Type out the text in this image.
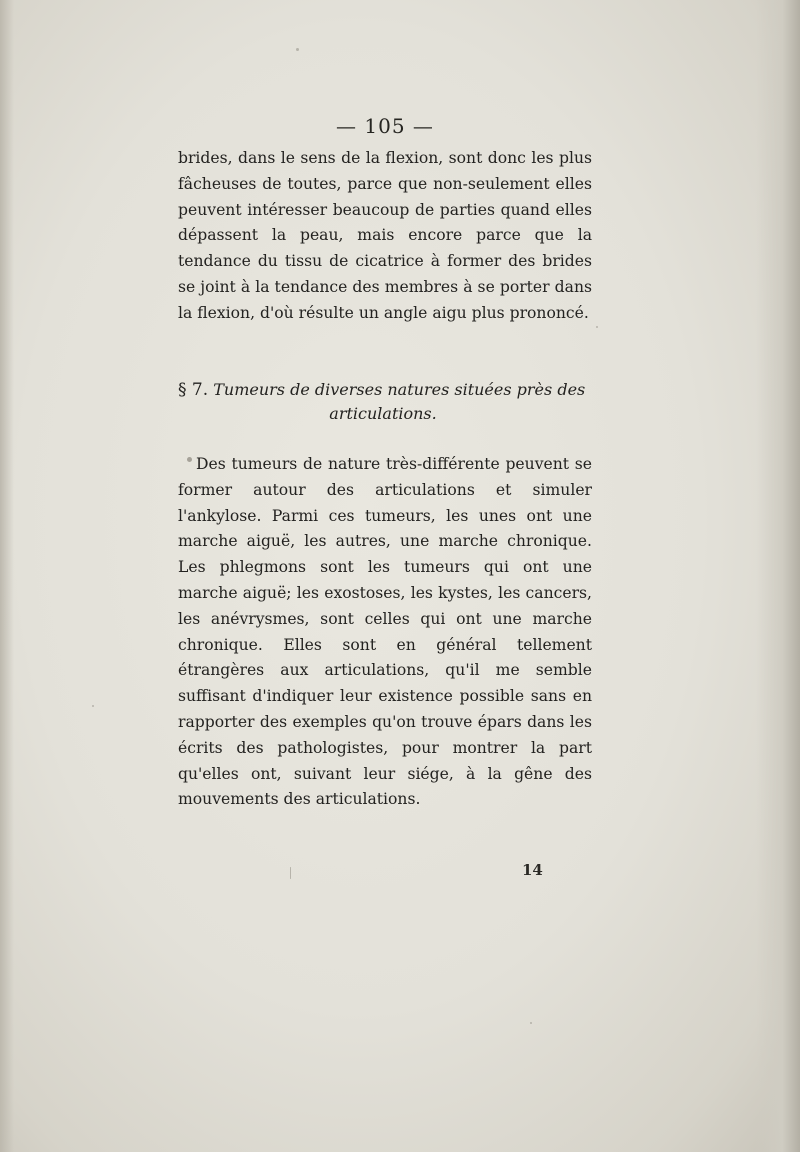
— 105 —
brides, dans le sens de la flexion, sont donc les plus fâcheuses de toutes, parce que non-seulement elles peuvent intéresser beaucoup de parties quand elles dépassent la peau, mais encore parce que la tendance du tissu de cicatrice à former des brides se joint à la tendance des membres à se porter dans la flexion, d'où résulte un angle aigu plus prononcé.
§ 7. Tumeurs de diverses natures situées près des
articulations.
Des tumeurs de nature très-différente peuvent se former autour des articulations et simuler l'ankylose. Parmi ces tumeurs, les unes ont une marche aiguë, les autres, une marche chronique. Les phlegmons sont les tumeurs qui ont une marche aiguë; les exostoses, les kystes, les cancers, les anévrysmes, sont celles qui ont une marche chronique. Elles sont en général tellement étrangères aux articulations, qu'il me semble suffisant d'indiquer leur existence possible sans en rapporter des exemples qu'on trouve épars dans les écrits des pathologistes, pour montrer la part qu'elles ont, suivant leur siége, à la gêne des mouvements des articulations.
14
